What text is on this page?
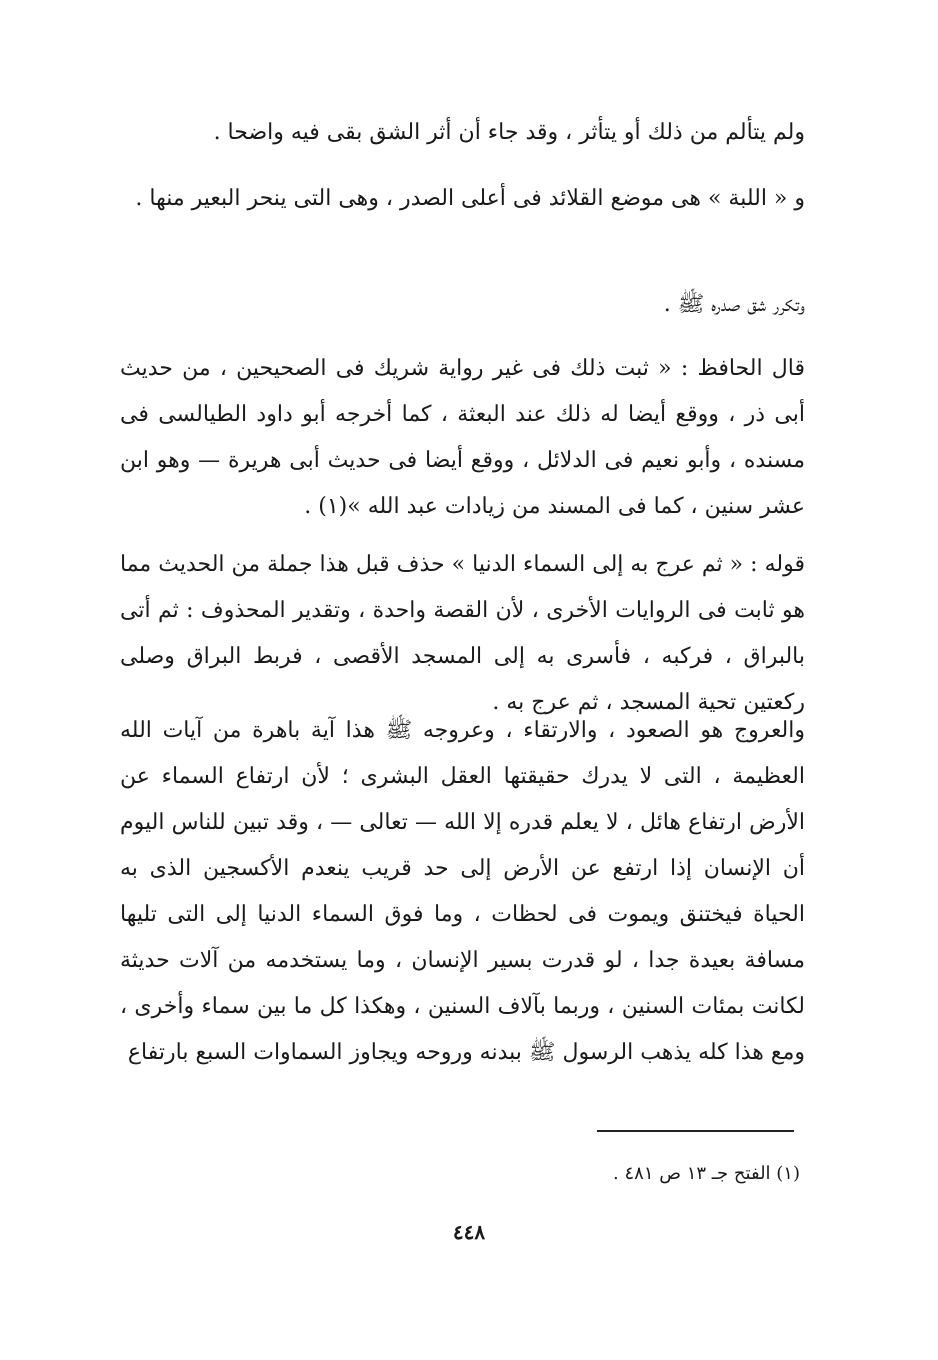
ولم يتألم من ذلك أو يتأثر ، وقد جاء أن أثر الشق بقى فيه واضحا .

و « اللبة » هى موضع القلائد فى أعلى الصدر ، وهى التى ينحر البعير منها .

وتكرر شق صدره ﷺ .

قال الحافظ : « ثبت ذلك فى غير رواية شريك فى الصحيحين ، من حديث أبى ذر ، ووقع أيضا له ذلك عند البعثة ، كما أخرجه أبو داود الطيالسى فى مسنده ، وأبو نعيم فى الدلائل ، ووقع أيضا فى حديث أبى هريرة — وهو ابن عشر سنين ، كما فى المسند من زيادات عبد الله »(١) .

قوله : « ثم عرج به إلى السماء الدنيا » حذف قبل هذا جملة من الحديث مما هو ثابت فى الروايات الأخرى ، لأن القصة واحدة ، وتقدير المحذوف : ثم أتى بالبراق ، فركبه ، فأسرى به إلى المسجد الأقصى ، فربط البراق وصلى ركعتين تحية المسجد ، ثم عرج به .

والعروج هو الصعود ، والارتقاء ، وعروجه ﷺ هذا آية باهرة من آيات الله العظيمة ، التى لا يدرك حقيقتها العقل البشرى ؛ لأن ارتفاع السماء عن الأرض ارتفاع هائل ، لا يعلم قدره إلا الله — تعالى — ، وقد تبين للناس اليوم أن الإنسان إذا ارتفع عن الأرض إلى حد قريب ينعدم الأكسجين الذى به الحياة فيختنق ويموت فى لحظات ، وما فوق السماء الدنيا إلى التى تليها مسافة بعيدة جدا ، لو قدرت بسير الإنسان ، وما يستخدمه من آلات حديثة لكانت بمئات السنين ، وربما بآلاف السنين ، وهكذا كل ما بين سماء وأخرى ، ومع هذا كله يذهب الرسول ﷺ ببدنه وروحه ويجاوز السماوات السبع بارتفاع

(١) الفتح جـ ١٣ ص ٤٨١ .

٤٤٨
